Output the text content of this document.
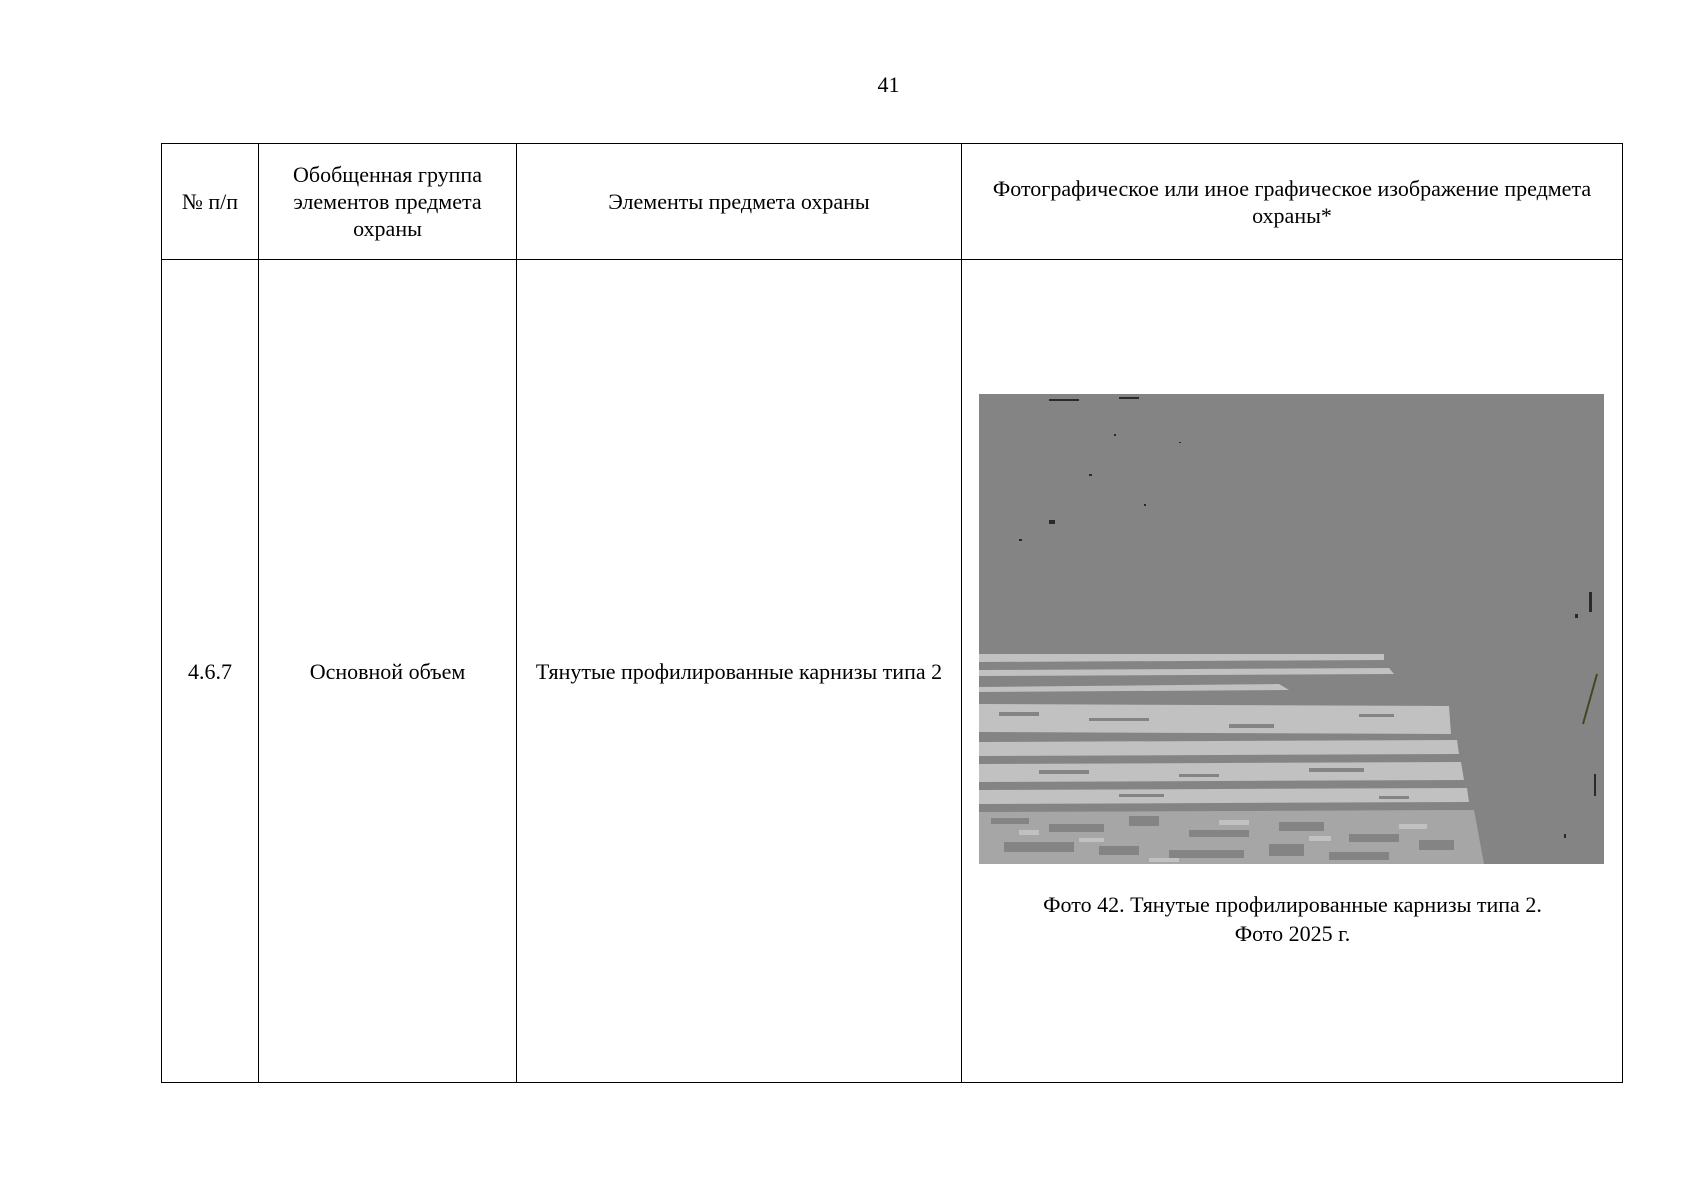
41
№ п/п	Обобщенная группа элементов предмета охраны	Элементы предмета охраны	Фотографическое или иное графическое изображение предмета охраны*
4.6.7	Основной объем	Тянутые профилированные карнизы типа 2	Фото 42. Тянутые профилированные карнизы типа 2.
Фото 2025 г.
